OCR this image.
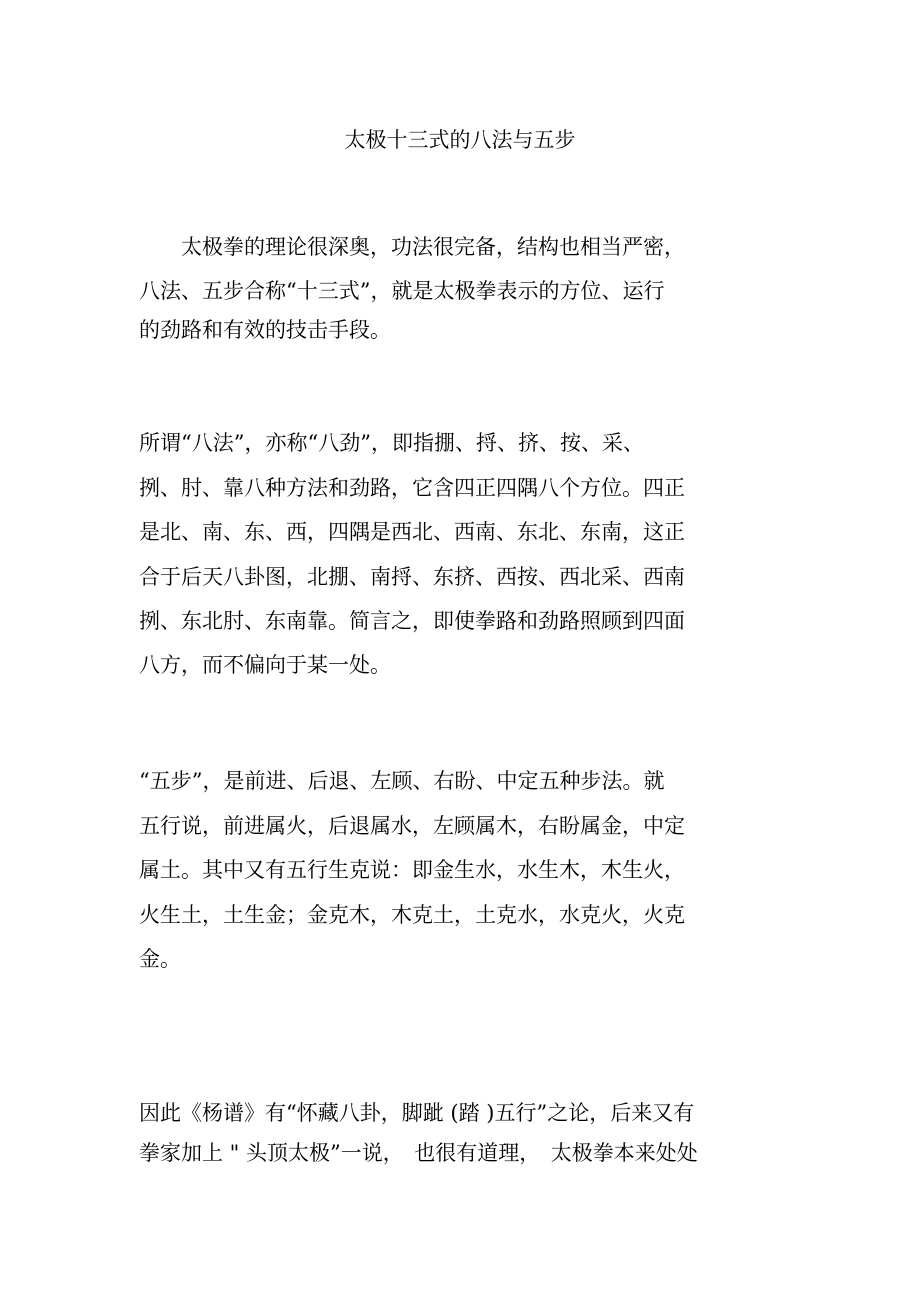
太极十三式的八法与五步
　　太极拳的理论很深奥，功法很完备，结构也相当严密，
八法、五步合称“十三式”，就是太极拳表示的方位、运行
的劲路和有效的技击手段。
所谓“八法”，亦称“八劲”，即指掤、捋、挤、按、采、
挒、肘、靠八种方法和劲路，它含四正四隅八个方位。四正
是北、南、东、西，四隅是西北、西南、东北、东南，这正
合于后天八卦图，北掤、南捋、东挤、西按、西北采、西南
挒、东北肘、东南靠。简言之，即使拳路和劲路照顾到四面
八方，而不偏向于某一处。
“五步”，是前进、后退、左顾、右盼、中定五种步法。就
五行说，前进属火，后退属水，左顾属木，右盼属金，中定
属土。其中又有五行生克说：即金生水，水生木，木生火，
火生土，土生金；金克木，木克土，土克水，水克火，火克
金。
因此《杨谱》有“怀藏八卦，脚跐 (踏 )五行”之论，后来又有
拳家加上 " 头顶太极”一说，　也很有道理，　太极拳本来处处
